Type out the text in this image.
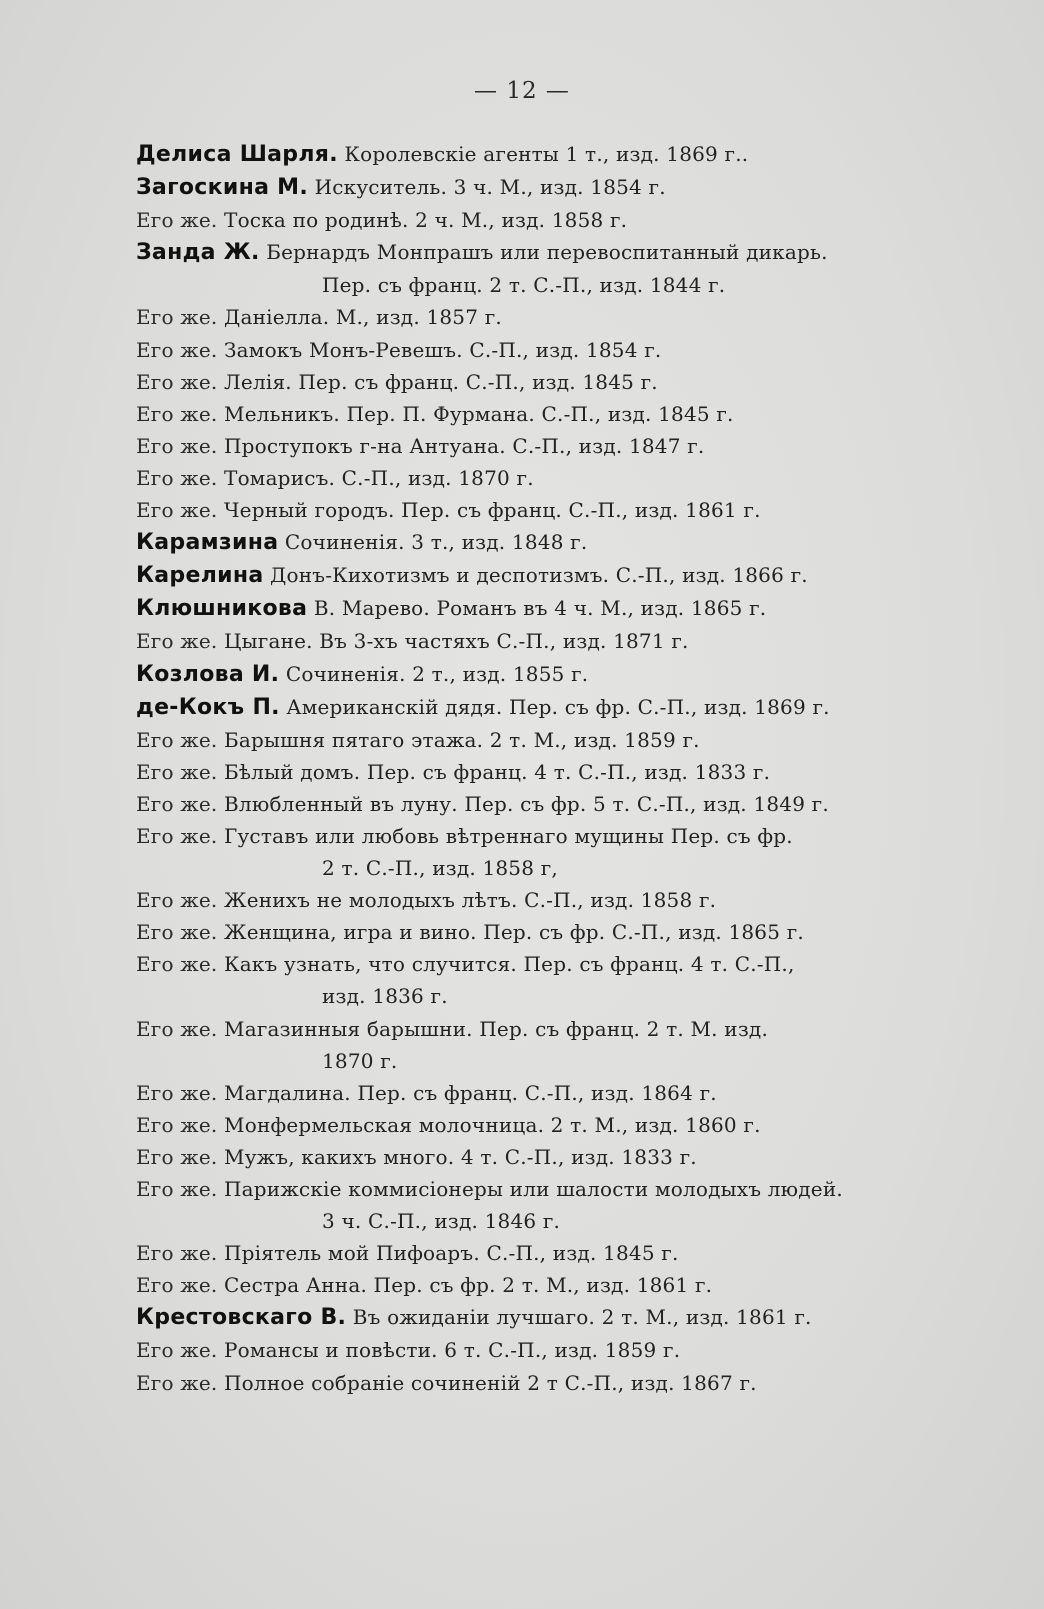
— 12 —
Делиса Шарля. Королевскіе агенты 1 т., изд. 1869 г..
Загоскина М. Искуситель. 3 ч. М., изд. 1854 г.
Его же. Тоска по родинѣ. 2 ч. М., изд. 1858 г.
Занда Ж. Бернардъ Монпрашъ или перевоспитанный дикарь.
Пер. съ франц. 2 т. С.-П., изд. 1844 г.
Его же. Даніелла. М., изд. 1857 г.
Его же. Замокъ Монъ-Ревешъ. С.-П., изд. 1854 г.
Его же. Лелія. Пер. съ франц. С.-П., изд. 1845 г.
Его же. Мельникъ. Пер. П. Фурмана. С.-П., изд. 1845 г.
Его же. Проступокъ г-на Антуана. С.-П., изд. 1847 г.
Его же. Томарисъ. С.-П., изд. 1870 г.
Его же. Черный городъ. Пер. съ франц. С.-П., изд. 1861 г.
Карамзина Сочиненія. 3 т., изд. 1848 г.
Карелина Донъ-Кихотизмъ и деспотизмъ. С.-П., изд. 1866 г.
Клюшникова В. Марево. Романъ въ 4 ч. М., изд. 1865 г.
Его же. Цыгане. Въ 3-хъ частяхъ С.-П., изд. 1871 г.
Козлова И. Сочиненія. 2 т., изд. 1855 г.
де-Кокъ П. Американскій дядя. Пер. съ фр. С.-П., изд. 1869 г.
Его же. Барышня пятаго этажа. 2 т. М., изд. 1859 г.
Его же. Бѣлый домъ. Пер. съ франц. 4 т. С.-П., изд. 1833 г.
Его же. Влюбленный въ луну. Пер. съ фр. 5 т. С.-П., изд. 1849 г.
Его же. Густавъ или любовь вѣтреннаго мущины Пер. съ фр.
2 т. С.-П., изд. 1858 г,
Его же. Женихъ не молодыхъ лѣтъ. С.-П., изд. 1858 г.
Его же. Женщина, игра и вино. Пер. съ фр. С.-П., изд. 1865 г.
Его же. Какъ узнать, что случится. Пер. съ франц. 4 т. С.-П.,
изд. 1836 г.
Его же. Магазинныя барышни. Пер. съ франц. 2 т. М. изд.
1870 г.
Его же. Магдалина. Пер. съ франц. С.-П., изд. 1864 г.
Его же. Монфермельская молочница. 2 т. М., изд. 1860 г.
Его же. Мужъ, какихъ много. 4 т. С.-П., изд. 1833 г.
Его же. Парижскіе коммисіонеры или шалости молодыхъ людей.
3 ч. С.-П., изд. 1846 г.
Его же. Пріятель мой Пифоаръ. С.-П., изд. 1845 г.
Его же. Сестра Анна. Пер. съ фр. 2 т. М., изд. 1861 г.
Крестовскаго В. Въ ожиданіи лучшаго. 2 т. М., изд. 1861 г.
Его же. Романсы и повѣсти. 6 т. С.-П., изд. 1859 г.
Его же. Полное собраніе сочиненій 2 т С.-П., изд. 1867 г.
